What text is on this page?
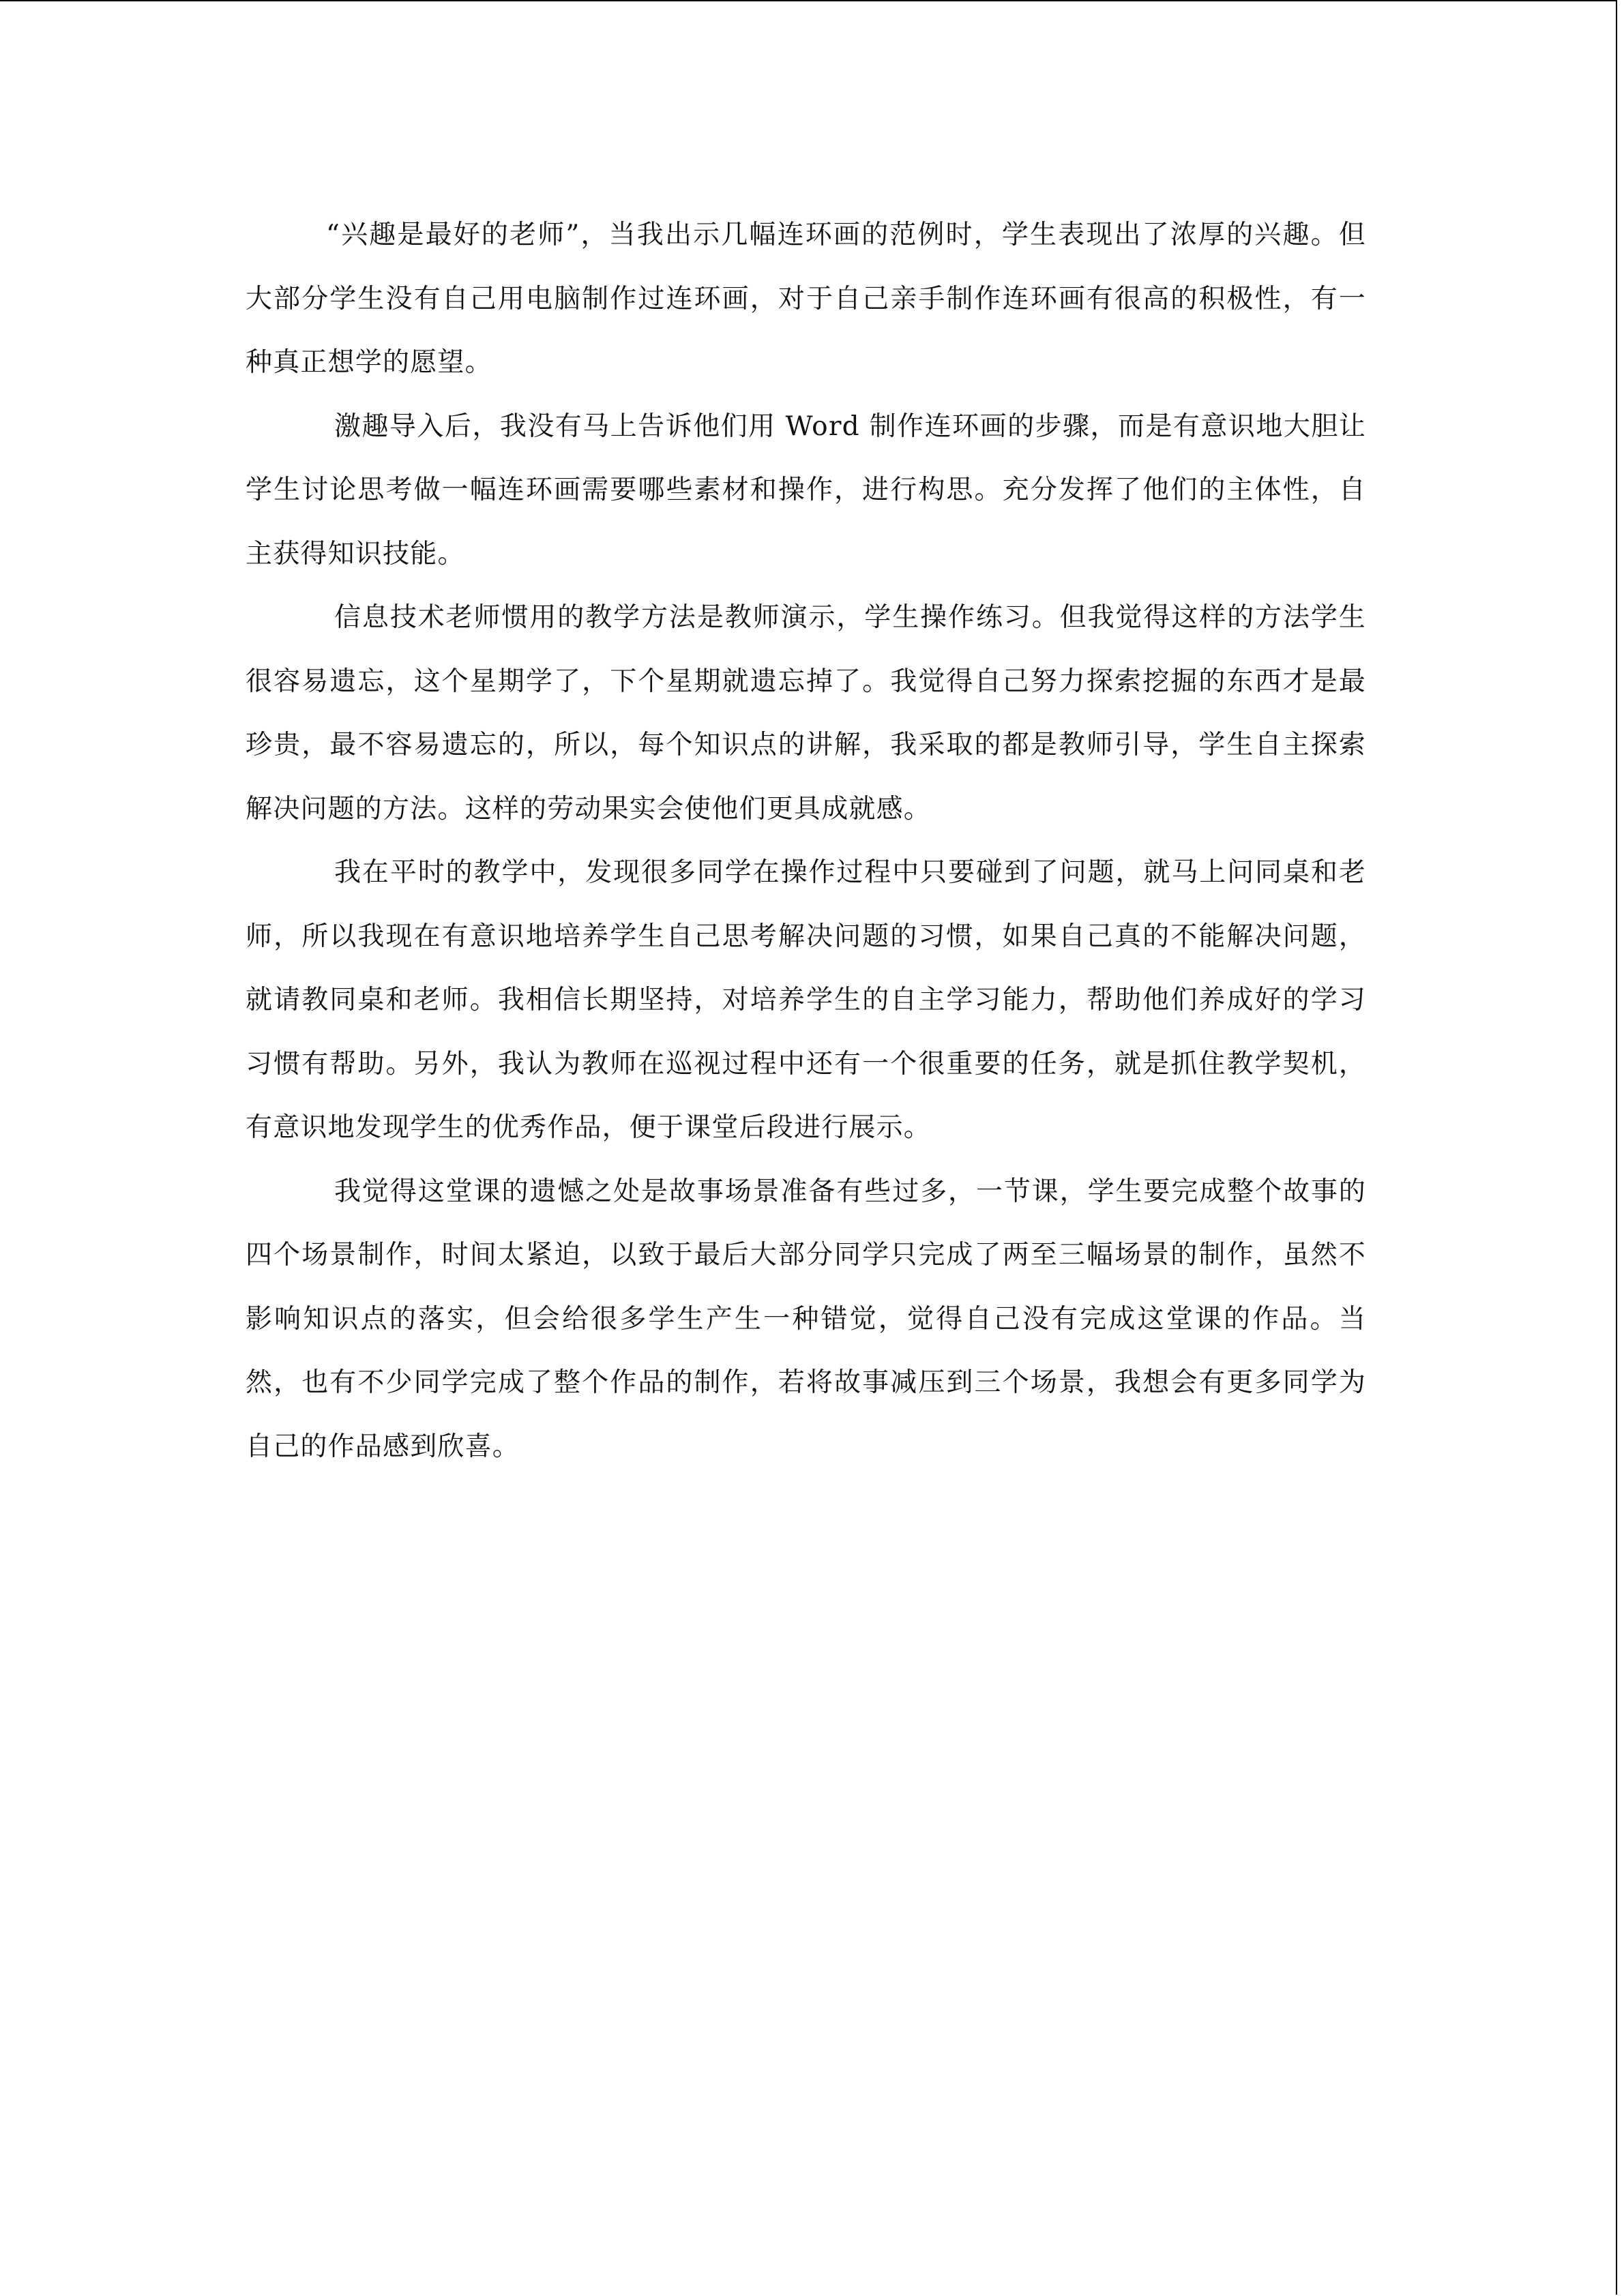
“兴趣是最好的老师”，当我出示几幅连环画的范例时，学生表现出了浓厚的兴趣。但大部分学生没有自己用电脑制作过连环画，对于自己亲手制作连环画有很高的积极性，有一种真正想学的愿望。

激趣导入后，我没有马上告诉他们用 Word 制作连环画的步骤，而是有意识地大胆让学生讨论思考做一幅连环画需要哪些素材和操作，进行构思。充分发挥了他们的主体性，自主获得知识技能。

信息技术老师惯用的教学方法是教师演示，学生操作练习。但我觉得这样的方法学生很容易遗忘，这个星期学了，下个星期就遗忘掉了。我觉得自己努力探索挖掘的东西才是最珍贵，最不容易遗忘的，所以，每个知识点的讲解，我采取的都是教师引导，学生自主探索解决问题的方法。这样的劳动果实会使他们更具成就感。

我在平时的教学中，发现很多同学在操作过程中只要碰到了问题，就马上问同桌和老师，所以我现在有意识地培养学生自己思考解决问题的习惯，如果自己真的不能解决问题，就请教同桌和老师。我相信长期坚持，对培养学生的自主学习能力，帮助他们养成好的学习习惯有帮助。另外，我认为教师在巡视过程中还有一个很重要的任务，就是抓住教学契机，有意识地发现学生的优秀作品，便于课堂后段进行展示。

我觉得这堂课的遗憾之处是故事场景准备有些过多，一节课，学生要完成整个故事的四个场景制作，时间太紧迫，以致于最后大部分同学只完成了两至三幅场景的制作，虽然不影响知识点的落实，但会给很多学生产生一种错觉，觉得自己没有完成这堂课的作品。当然，也有不少同学完成了整个作品的制作，若将故事减压到三个场景，我想会有更多同学为自己的作品感到欣喜。
